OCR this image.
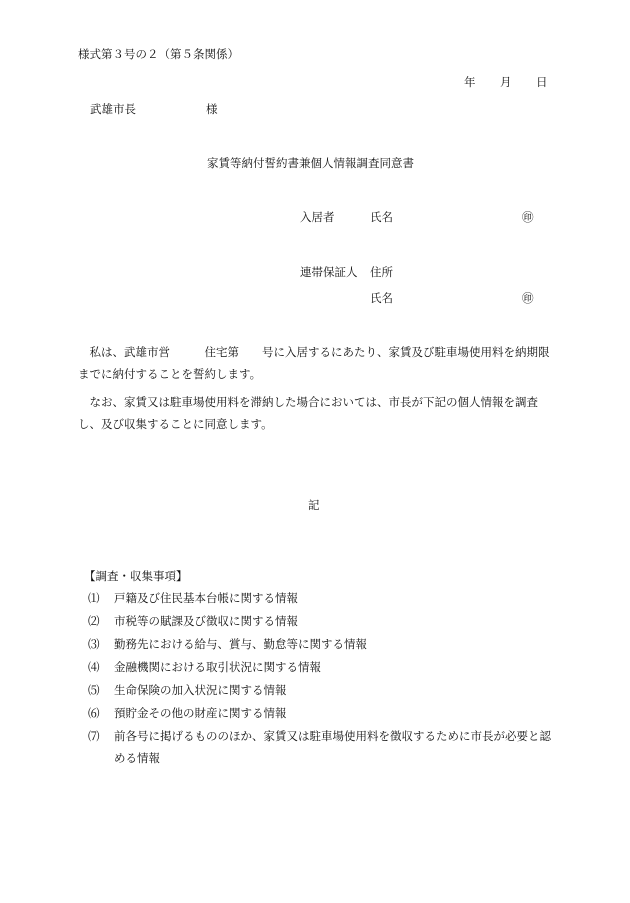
様式第３号の２（第５条関係）
年 月 日
武雄市長	様
家賃等納付誓約書兼個人情報調査同意書
入居者	氏名	㊞
連帯保証人 住所
氏名	㊞

　私は、武雄市営　　　住宅第　　号に入居するにあたり、家賃及び駐車場使用料を納期限までに納付することを誓約します。

　なお、家賃又は駐車場使用料を滞納した場合においては、市長が下記の個人情報を調査し、及び収集することに同意します。

記
【調査・収集事項】
⑴ 戸籍及び住民基本台帳に関する情報
⑵ 市税等の賦課及び徴収に関する情報
⑶ 勤務先における給与、賞与、勤怠等に関する情報
⑷ 金融機関における取引状況に関する情報
⑸ 生命保険の加入状況に関する情報
⑹ 預貯金その他の財産に関する情報
⑺ 前各号に掲げるもののほか、家賃又は駐車場使用料を徴収するために市長が必要と認める情報
